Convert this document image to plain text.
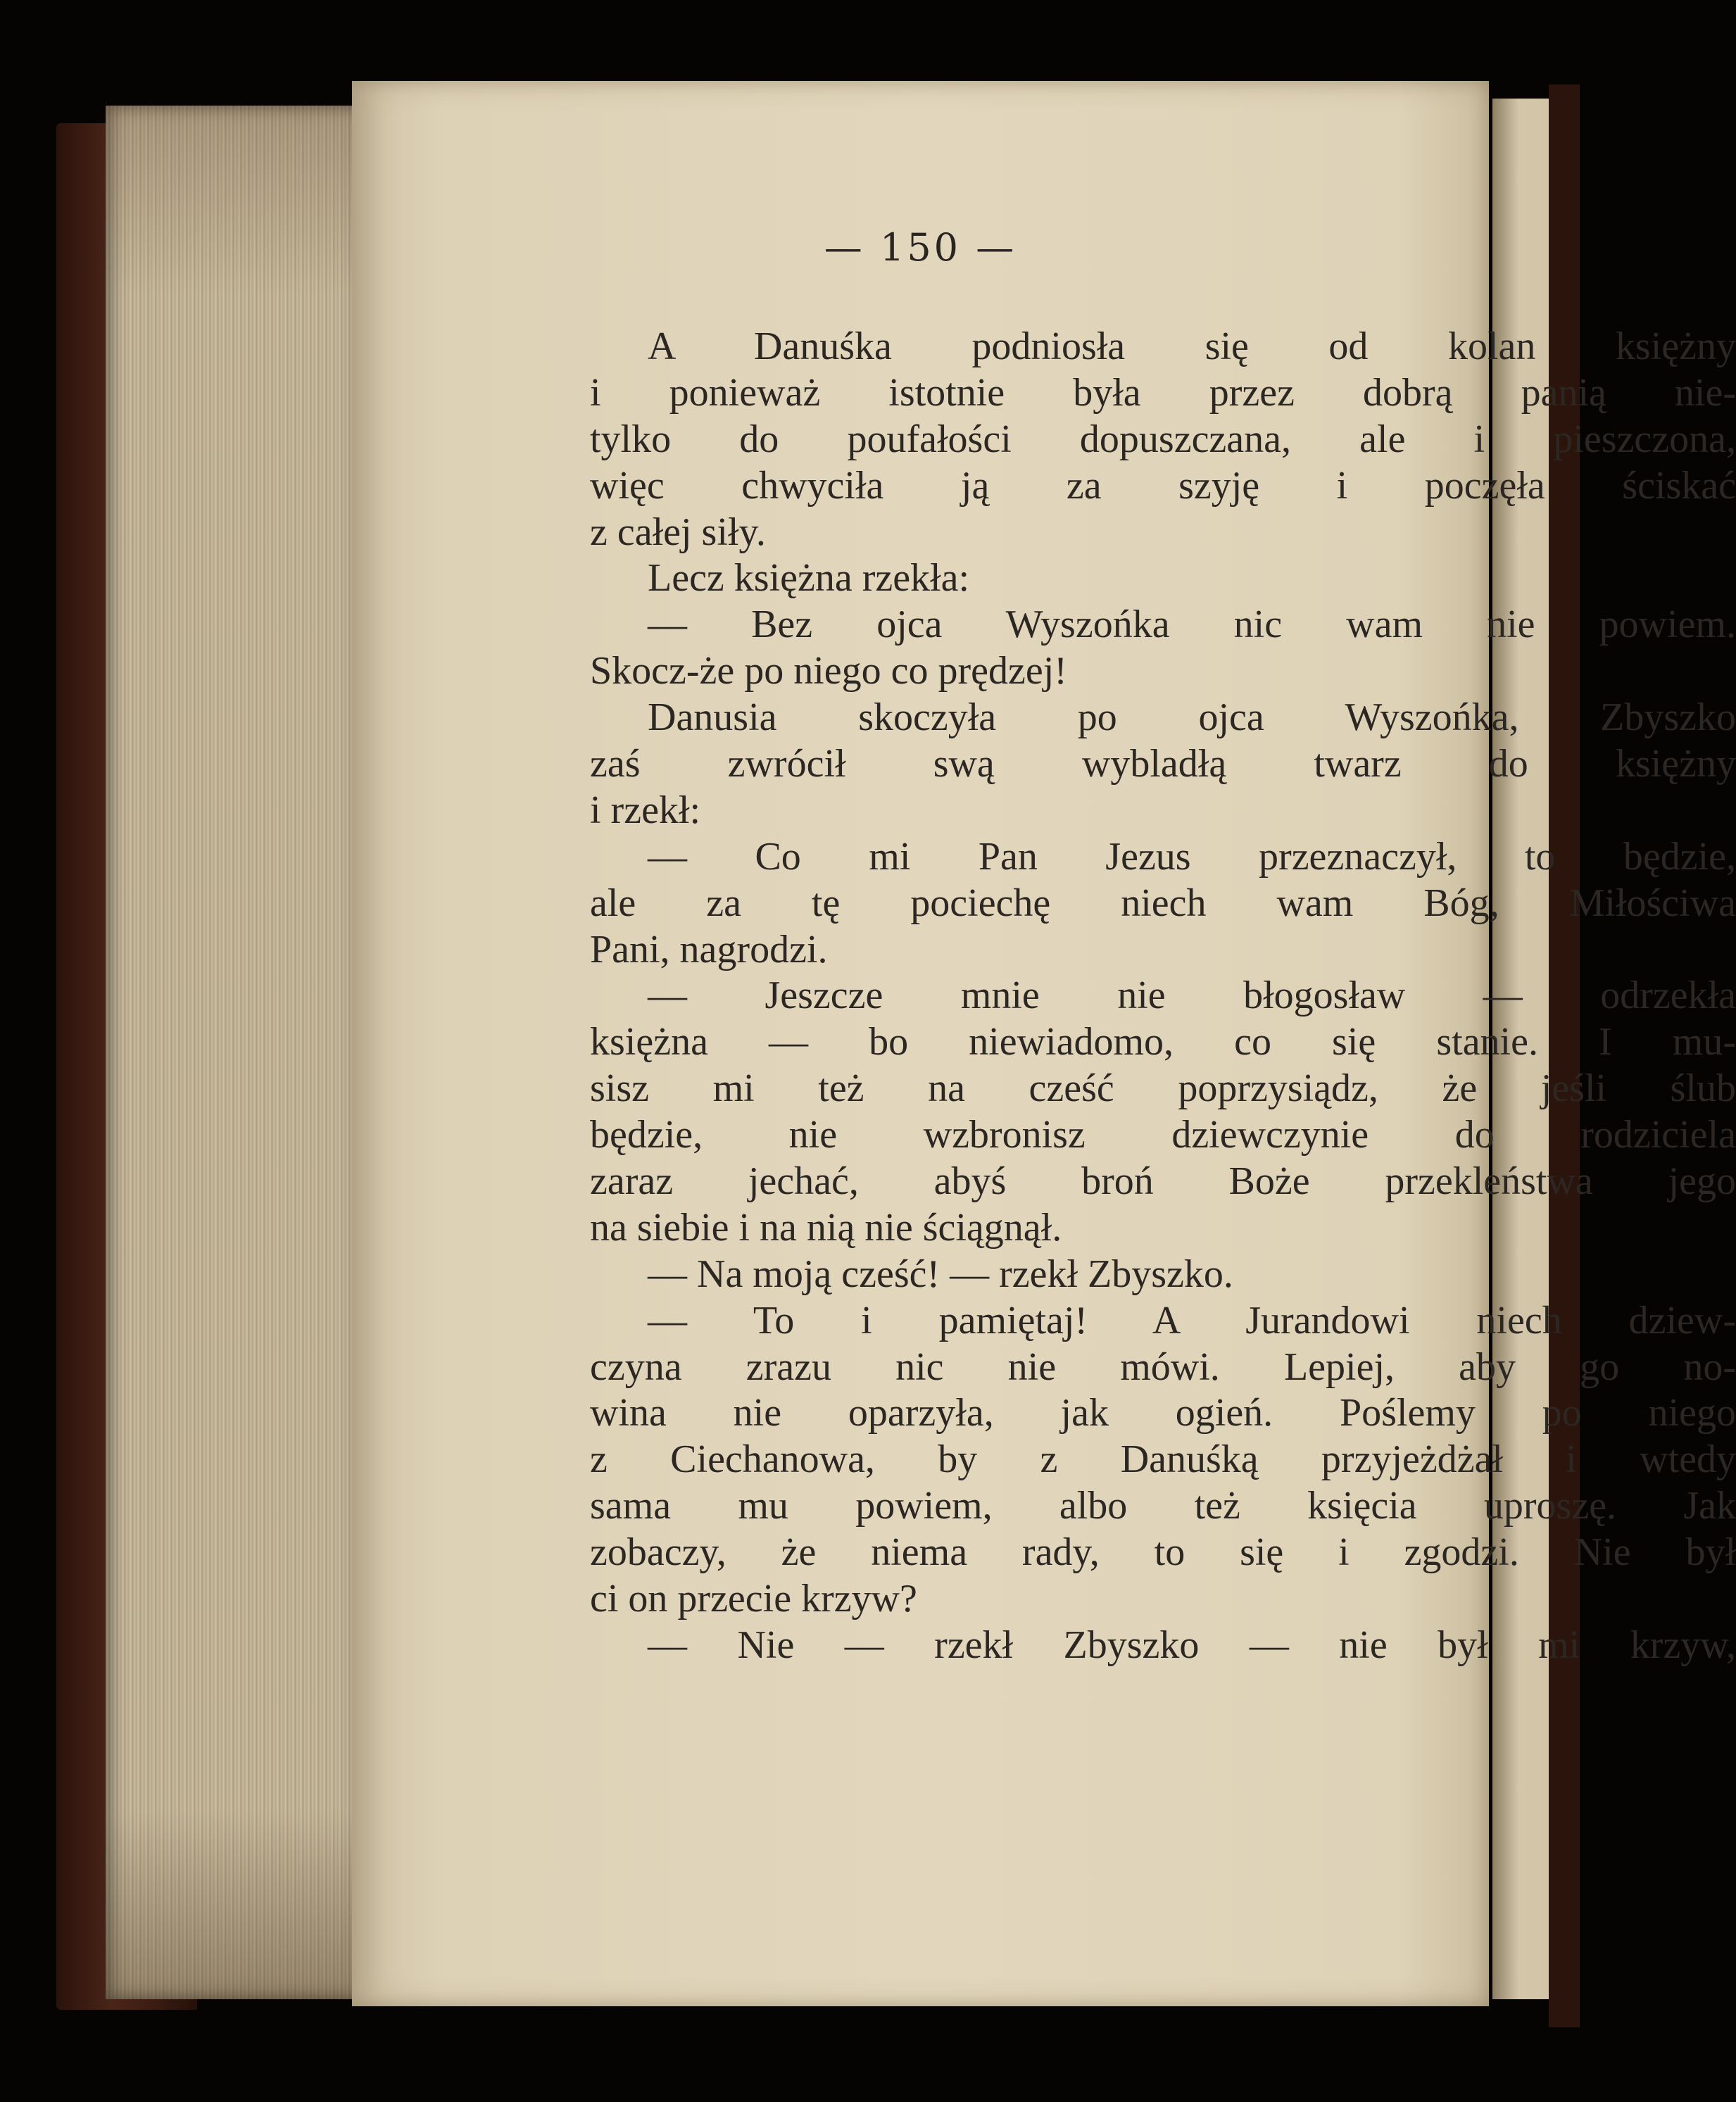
— 150 —
A Danuśka podniosła się od kolan księżny
i ponieważ istotnie była przez dobrą panią nie-
tylko do poufałości dopuszczana, ale i pieszczona,
więc chwyciła ją za szyję i poczęła ściskać
z całej siły.
Lecz księżna rzekła:
— Bez ojca Wyszońka nic wam nie powiem.
Skocz-że po niego co prędzej!
Danusia skoczyła po ojca Wyszońka, Zbyszko
zaś zwrócił swą wybladłą twarz do księżny
i rzekł:
— Co mi Pan Jezus przeznaczył, to będzie,
ale za tę pociechę niech wam Bóg, Miłościwa
Pani, nagrodzi.
— Jeszcze mnie nie błogosław — odrzekła
księżna — bo niewiadomo, co się stanie. I mu-
sisz mi też na cześć poprzysiądz, że jeśli ślub
będzie, nie wzbronisz dziewczynie do rodziciela
zaraz jechać, abyś broń Boże przekleństwa jego
na siebie i na nią nie ściągnął.
— Na moją cześć! — rzekł Zbyszko.
— To i pamiętaj! A Jurandowi niech dziew-
czyna zrazu nic nie mówi. Lepiej, aby go no-
wina nie oparzyła, jak ogień. Poślemy po niego
z Ciechanowa, by z Danuśką przyjeżdżał i wtedy
sama mu powiem, albo też księcia uproszę. Jak
zobaczy, że niema rady, to się i zgodzi. Nie był
ci on przecie krzyw?
— Nie — rzekł Zbyszko — nie był mi krzyw,
